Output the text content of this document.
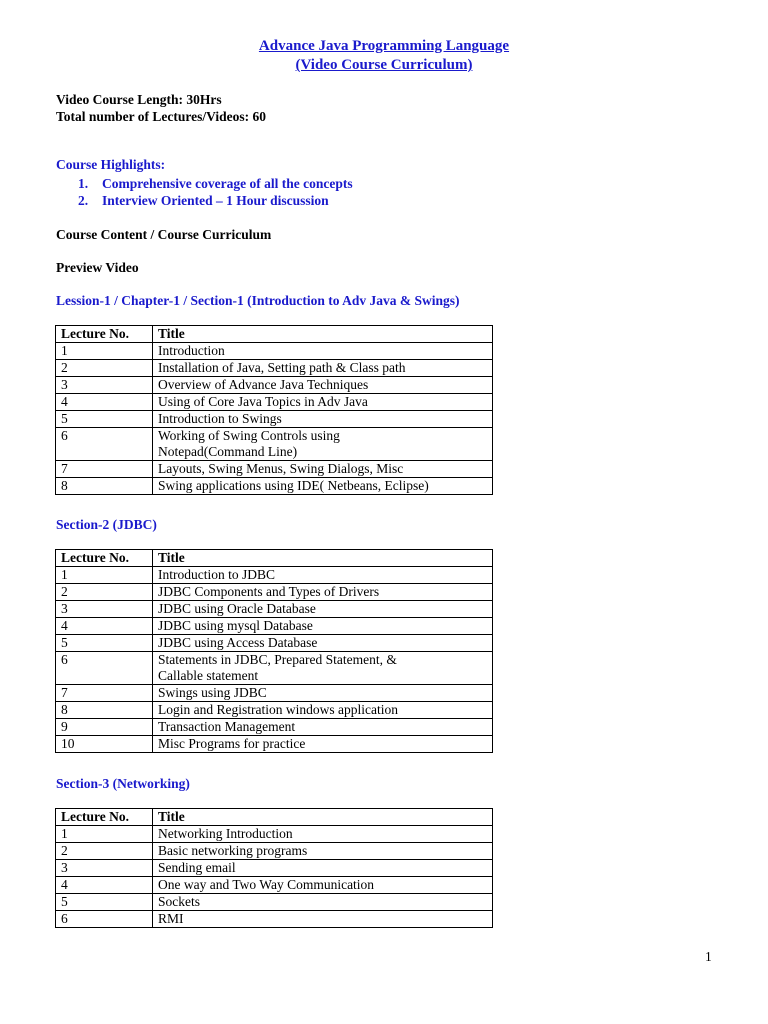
Advance Java Programming Language
(Video Course Curriculum)
Video Course Length: 30Hrs
Total number of Lectures/Videos: 60
Course Highlights:
1. Comprehensive coverage of all the concepts
2. Interview Oriented – 1 Hour discussion
Course Content / Course Curriculum
Preview Video
Lession-1 / Chapter-1 / Section-1 (Introduction to Adv Java & Swings)
Lecture No.	Title
1	Introduction
2	Installation of Java, Setting path & Class path
3	Overview of Advance Java Techniques
4	Using of Core Java Topics in Adv Java
5	Introduction to Swings
6	Working of Swing Controls using Notepad(Command Line)
7	Layouts, Swing Menus, Swing Dialogs, Misc
8	Swing applications using IDE( Netbeans, Eclipse)
Section-2 (JDBC)
Lecture No.	Title
1	Introduction to JDBC
2	JDBC Components and Types of Drivers
3	JDBC using Oracle Database
4	JDBC using mysql Database
5	JDBC using Access Database
6	Statements in JDBC, Prepared Statement, & Callable statement
7	Swings using JDBC
8	Login and Registration windows application
9	Transaction Management
10	Misc Programs for practice
Section-3 (Networking)
Lecture No.	Title
1	Networking Introduction
2	Basic networking programs
3	Sending email
4	One way and Two Way Communication
5	Sockets
6	RMI
1
